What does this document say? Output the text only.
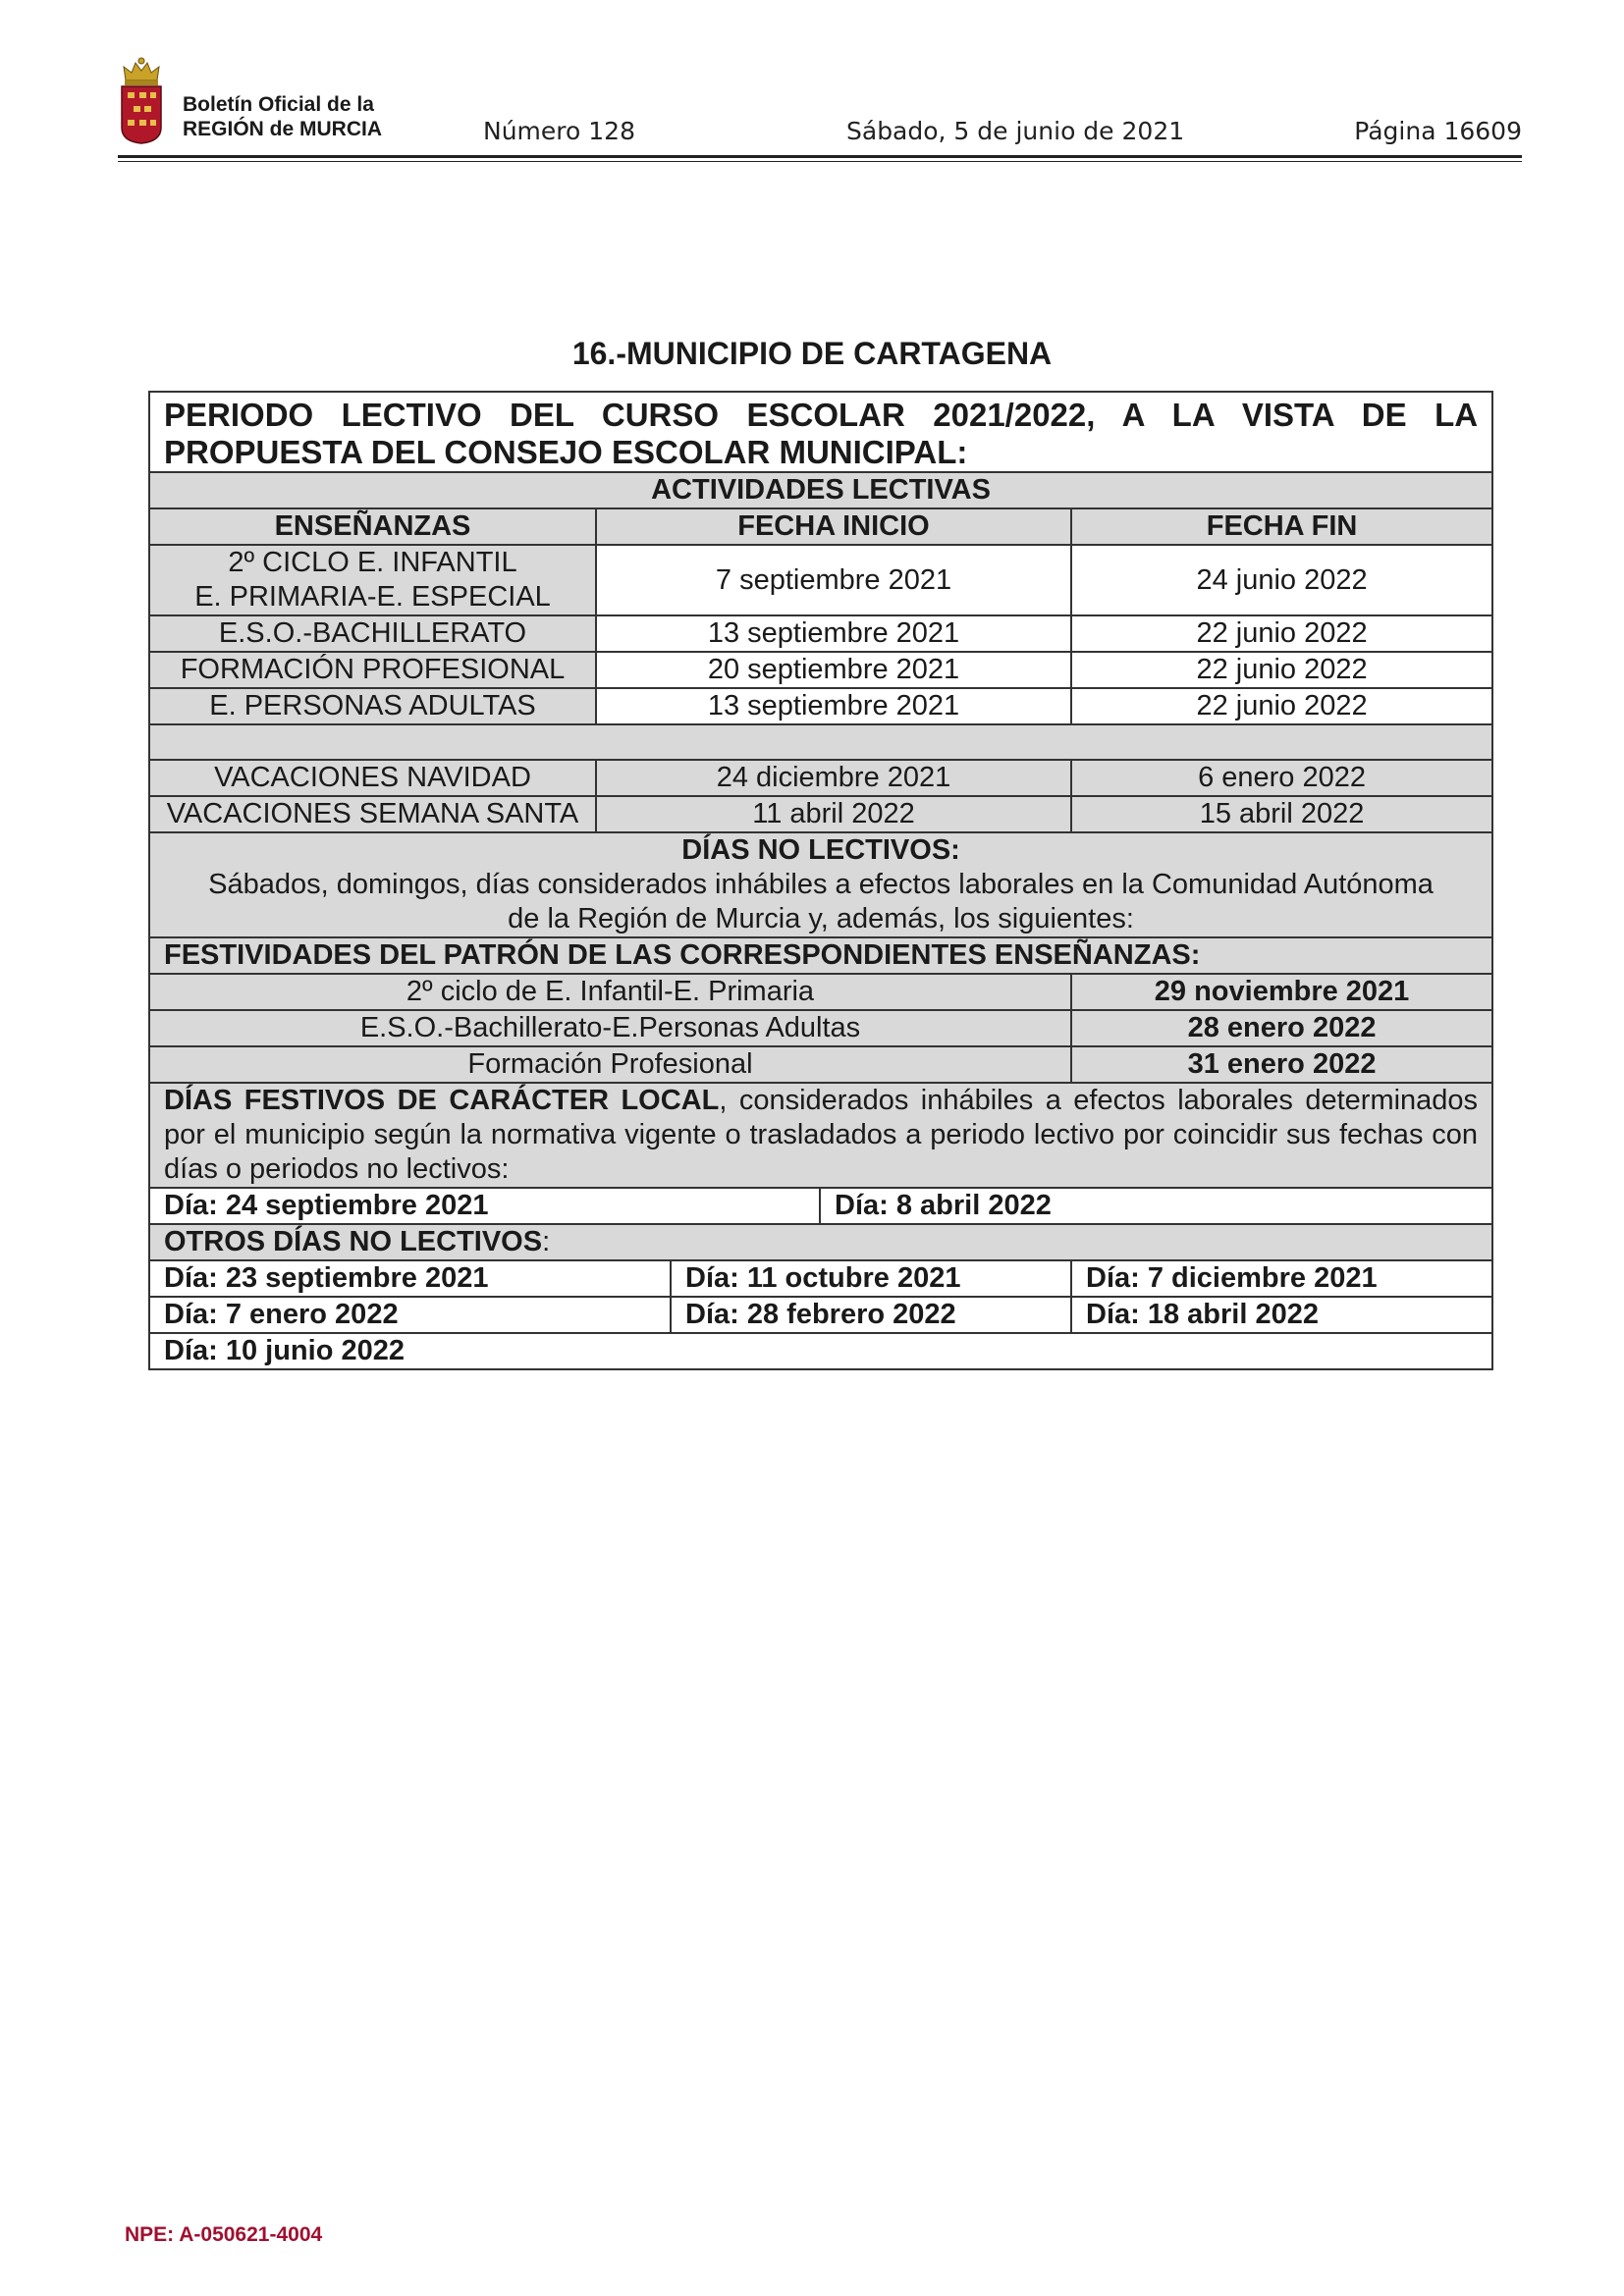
Boletín Oficial de la
REGIÓN de MURCIA	Número 128	Sábado, 5 de junio de 2021	Página 16609
16.-MUNICIPIO DE CARTAGENA
PERIODO LECTIVO DEL CURSO ESCOLAR 2021/2022, A LA VISTA DE LA PROPUESTA DEL CONSEJO ESCOLAR MUNICIPAL:				

ACTIVIDADES LECTIVAS				
ENSEÑANZAS	FECHA INICIO			FECHA FIN

2º CICLO E. INFANTIL
E. PRIMARIA-E. ESPECIAL	7 septiembre 2021			24 junio 2022
E.S.O.-BACHILLERATO	13 septiembre 2021			22 junio 2022
FORMACIÓN PROFESIONAL	20 septiembre 2021			22 junio 2022
E. PERSONAS ADULTAS	13 septiembre 2021			22 junio 2022

VACACIONES NAVIDAD	24 diciembre 2021			6 enero 2022
VACACIONES SEMANA SANTA	11 abril 2022			15 abril 2022

DÍAS NO LECTIVOS:
Sábados, domingos, días considerados inhábiles a efectos laborales en la Comunidad Autónoma
de la Región de Murcia y, además, los siguientes:				

FESTIVIDADES DEL PATRÓN DE LAS CORRESPONDIENTES ENSEÑANZAS:				
2º ciclo de E. Infantil-E. Primaria				29 noviembre 2021
E.S.O.-Bachillerato-E.Personas Adultas				28 enero 2022
Formación Profesional				31 enero 2022
DÍAS FESTIVOS DE CARÁCTER LOCAL, considerados inhábiles a efectos laborales determinados por el municipio según la normativa vigente o trasladados a periodo lectivo por coincidir sus fechas con días o periodos no lectivos:				
Día: 24 septiembre 2021			Día: 8 abril 2022	
OTROS DÍAS NO LECTIVOS:				
Día: 23 septiembre 2021		Día: 11 octubre 2021		Día: 7 diciembre 2021
Día: 7 enero 2022		Día: 28 febrero 2022		Día: 18 abril 2022
Día: 10 junio 2022				
NPE: A-050621-4004
